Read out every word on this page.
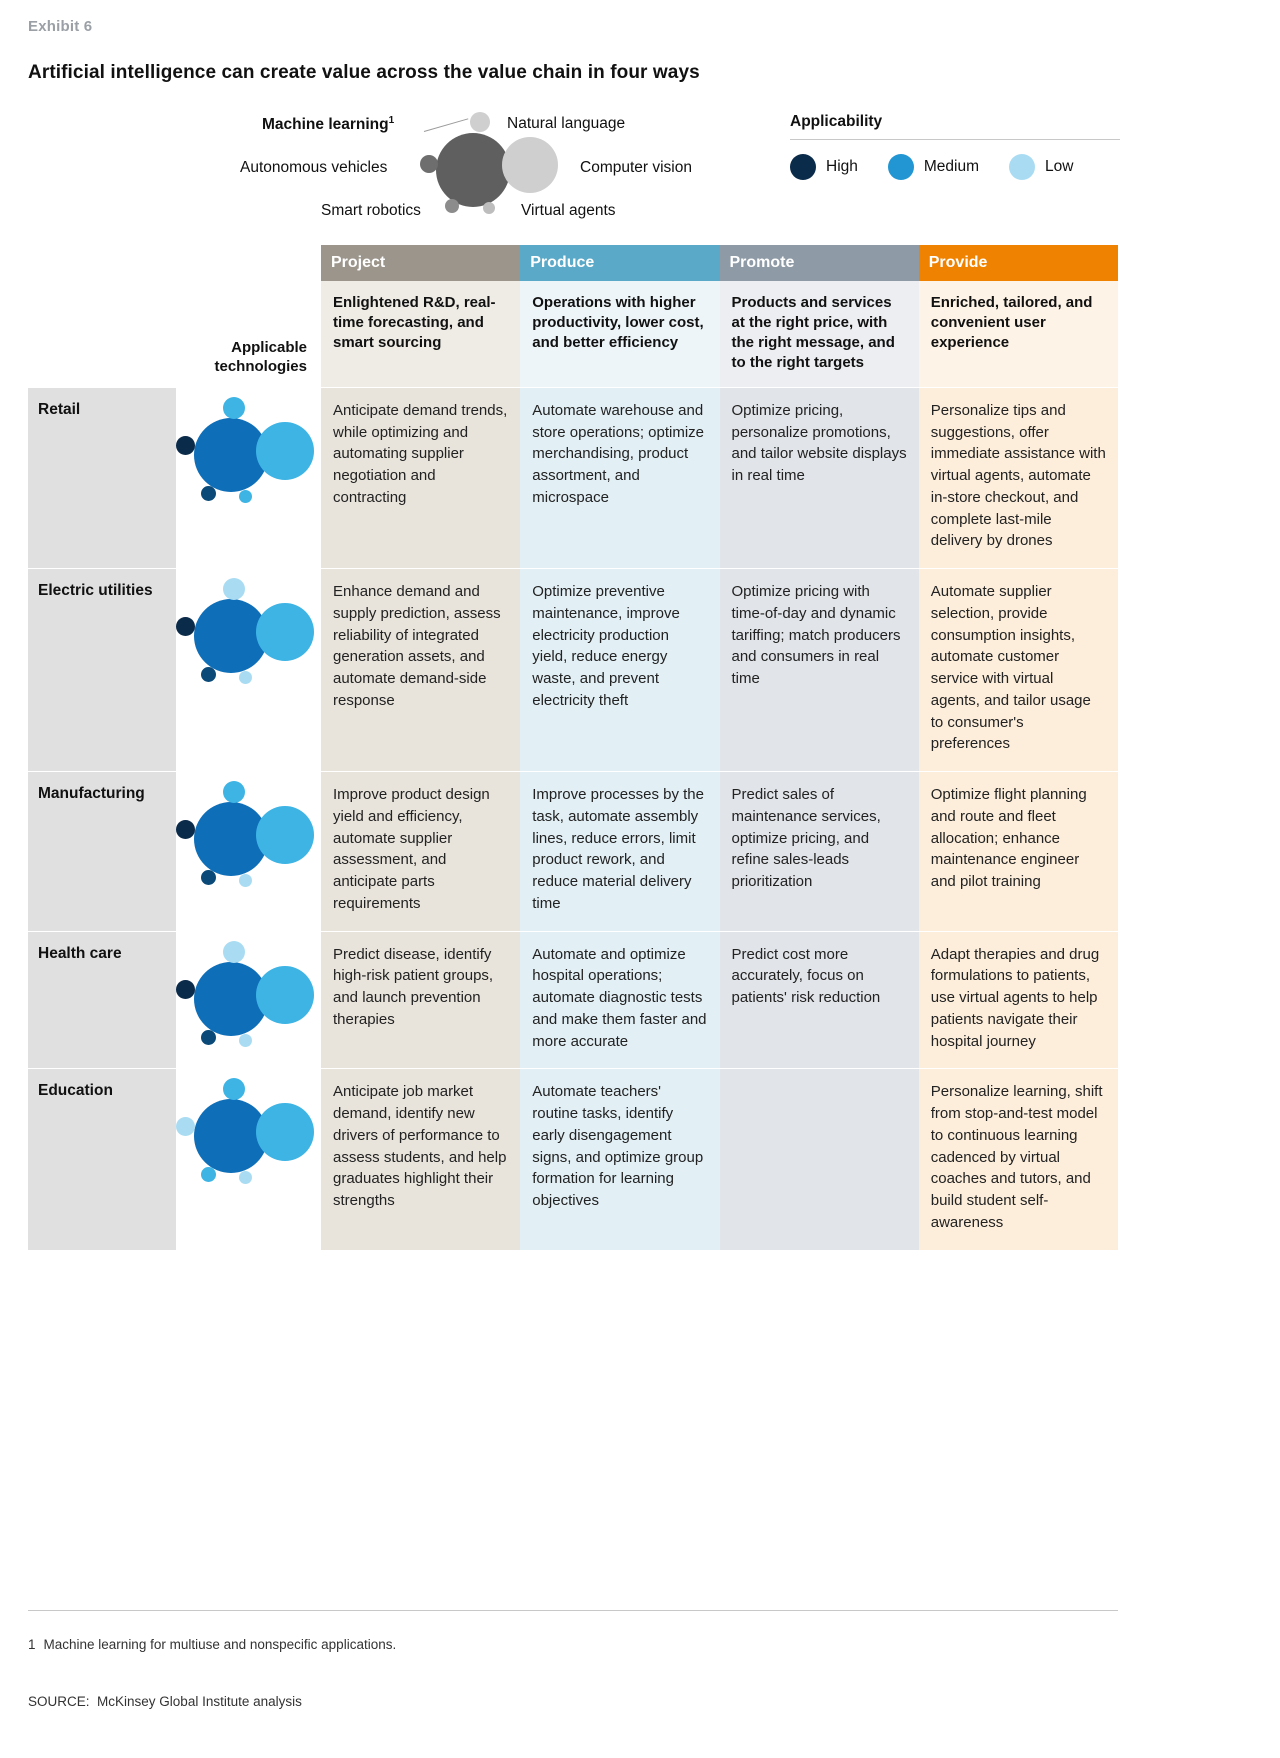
Exhibit 6
Artificial intelligence can create value across the value chain in four ways
Machine learning$^1$	Natural language
Autonomous vehicles	Computer vision
Smart robotics	Virtual agents
Applicability
High	Medium	Low
		Project	Produce	Promote	Provide
	Applicable technologies	Enlightened R&D, real-time forecasting, and smart sourcing	Operations with higher productivity, lower cost, and better efficiency	Products and services at the right price, with the right message, and to the right targets	Enriched, tailored, and convenient user experience
Retail		Anticipate demand trends, while optimizing and automating supplier negotiation and contracting	Automate warehouse and store operations; optimize merchandising, product assortment, and microspace	Optimize pricing, personalize promotions, and tailor website displays in real time	Personalize tips and suggestions, offer immediate assistance with virtual agents, automate in-store checkout, and complete last-mile delivery by drones
Electric utilities		Enhance demand and supply prediction, assess reliability of integrated generation assets, and automate demand-side response	Optimize preventive maintenance, improve electricity production yield, reduce energy waste, and prevent electricity theft	Optimize pricing with time-of-day and dynamic tariffing; match producers and consumers in real time	Automate supplier selection, provide consumption insights, automate customer service with virtual agents, and tailor usage to consumer's preferences
Manufacturing		Improve product design yield and efficiency, automate supplier assessment, and anticipate parts requirements	Improve processes by the task, automate assembly lines, reduce errors, limit product rework, and reduce material delivery time	Predict sales of maintenance services, optimize pricing, and refine sales-leads prioritization	Optimize flight planning and route and fleet allocation; enhance maintenance engineer and pilot training
Health care		Predict disease, identify high-risk patient groups, and launch prevention therapies	Automate and optimize hospital operations; automate diagnostic tests and make them faster and more accurate	Predict cost more accurately, focus on patients' risk reduction	Adapt therapies and drug formulations to patients, use virtual agents to help patients navigate their hospital journey
Education		Anticipate job market demand, identify new drivers of performance to assess students, and help graduates highlight their strengths	Automate teachers' routine tasks, identify early disengagement signs, and optimize group formation for learning objectives		Personalize learning, shift from stop-and-test model to continuous learning cadenced by virtual coaches and tutors, and build student self-awareness
1 Machine learning for multiuse and nonspecific applications.
SOURCE: McKinsey Global Institute analysis
